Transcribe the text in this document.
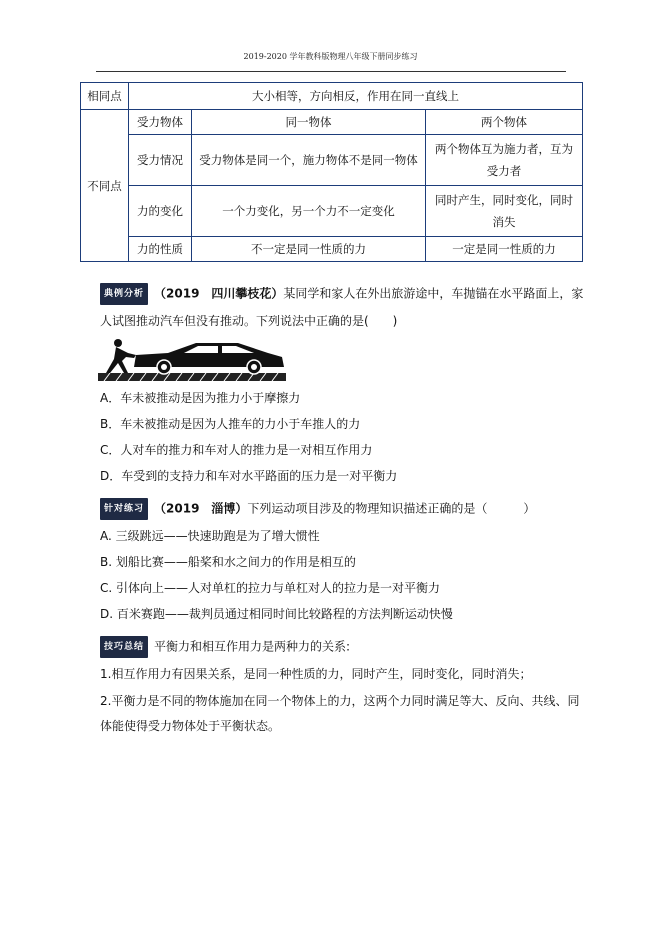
2019-2020 学年教科版物理八年级下册同步练习
相同点	大小相等，方向相反，作用在同一直线上		
不同点	受力物体	同一物体	两个物体
	受力情况	受力物体是同一个，施力物体不是同一物体	两个物体互为施力者，互为
受力者

	力的变化	一个力变化，另一个力不一定变化	同时产生，同时变化，同时
消失

	力的性质	不一定是同一性质的力	一定是同一性质的力
典例分析 （2019　四川攀枝花）某同学和家人在外出旅游途中，车抛锚在水平路面上，家
人试图推动汽车但没有推动。下列说法中正确的是(　　)
A．车未被推动是因为推力小于摩擦力
B．车未被推动是因为人推车的力小于车推人的力
C．人对车的推力和车对人的推力是一对相互作用力
D．车受到的支持力和车对水平路面的压力是一对平衡力
针对练习 （2019　淄博）下列运动项目涉及的物理知识描述正确的是（　　　）
A. 三级跳远——快速助跑是为了增大惯性
B. 划船比赛——船桨和水之间力的作用是相互的
C. 引体向上——人对单杠的拉力与单杠对人的拉力是一对平衡力
D. 百米赛跑——裁判员通过相同时间比较路程的方法判断运动快慢
技巧总结 平衡力和相互作用力是两种力的关系:
1.相互作用力有因果关系，是同一种性质的力，同时产生，同时变化，同时消失；
2.平衡力是不同的物体施加在同一个物体上的力，这两个力同时满足等大、反向、共线、同
体能使得受力物体处于平衡状态。
